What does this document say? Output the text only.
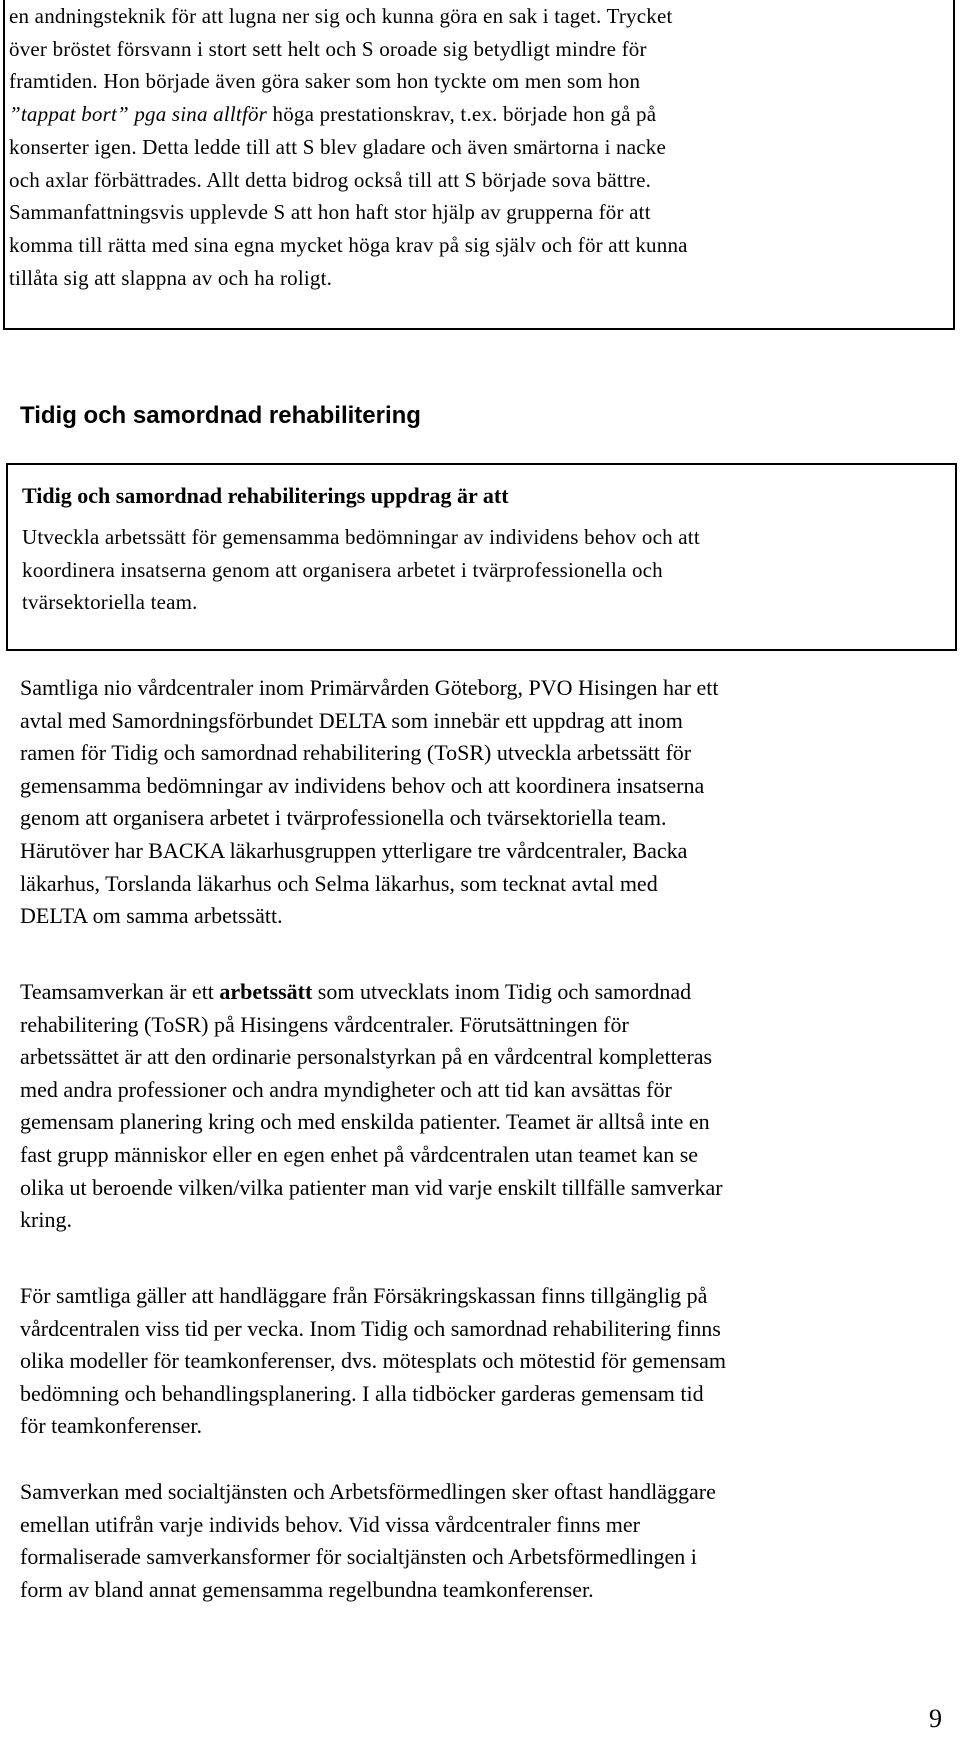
en andningsteknik för att lugna ner sig och kunna göra en sak i taget. Trycket
över bröstet försvann i stort sett helt och S oroade sig betydligt mindre för
framtiden. Hon började även göra saker som hon tyckte om men som hon
”tappat bort” pga sina alltför höga prestationskrav, t.ex. började hon gå på
konserter igen. Detta ledde till att S blev gladare och även smärtorna i nacke
och axlar förbättrades. Allt detta bidrog också till att S började sova bättre.
Sammanfattningsvis upplevde S att hon haft stor hjälp av grupperna för att
komma till rätta med sina egna mycket höga krav på sig själv och för att kunna
tillåta sig att slappna av och ha roligt.
Tidig och samordnad rehabilitering
Tidig och samordnad rehabiliterings uppdrag är att
Utveckla arbetssätt för gemensamma bedömningar av individens behov och att
koordinera insatserna genom att organisera arbetet i tvärprofessionella och
tvärsektoriella team.
Samtliga nio vårdcentraler inom Primärvården Göteborg, PVO Hisingen har ett
avtal med Samordningsförbundet DELTA som innebär ett uppdrag att inom
ramen för Tidig och samordnad rehabilitering (ToSR) utveckla arbetssätt för
gemensamma bedömningar av individens behov och att koordinera insatserna
genom att organisera arbetet i tvärprofessionella och tvärsektoriella team.
Härutöver har BACKA läkarhusgruppen ytterligare tre vårdcentraler, Backa
läkarhus, Torslanda läkarhus och Selma läkarhus, som tecknat avtal med
DELTA om samma arbetssätt.
Teamsamverkan är ett arbetssätt som utvecklats inom Tidig och samordnad
rehabilitering (ToSR) på Hisingens vårdcentraler. Förutsättningen för
arbetssättet är att den ordinarie personalstyrkan på en vårdcentral kompletteras
med andra professioner och andra myndigheter och att tid kan avsättas för
gemensam planering kring och med enskilda patienter. Teamet är alltså inte en
fast grupp människor eller en egen enhet på vårdcentralen utan teamet kan se
olika ut beroende vilken/vilka patienter man vid varje enskilt tillfälle samverkar
kring.
För samtliga gäller att handläggare från Försäkringskassan finns tillgänglig på
vårdcentralen viss tid per vecka. Inom Tidig och samordnad rehabilitering finns
olika modeller för teamkonferenser, dvs. mötesplats och mötestid för gemensam
bedömning och behandlingsplanering. I alla tidböcker garderas gemensam tid
för teamkonferenser.
Samverkan med socialtjänsten och Arbetsförmedlingen sker oftast handläggare
emellan utifrån varje individs behov. Vid vissa vårdcentraler finns mer
formaliserade samverkansformer för socialtjänsten och Arbetsförmedlingen i
form av bland annat gemensamma regelbundna teamkonferenser.
9
